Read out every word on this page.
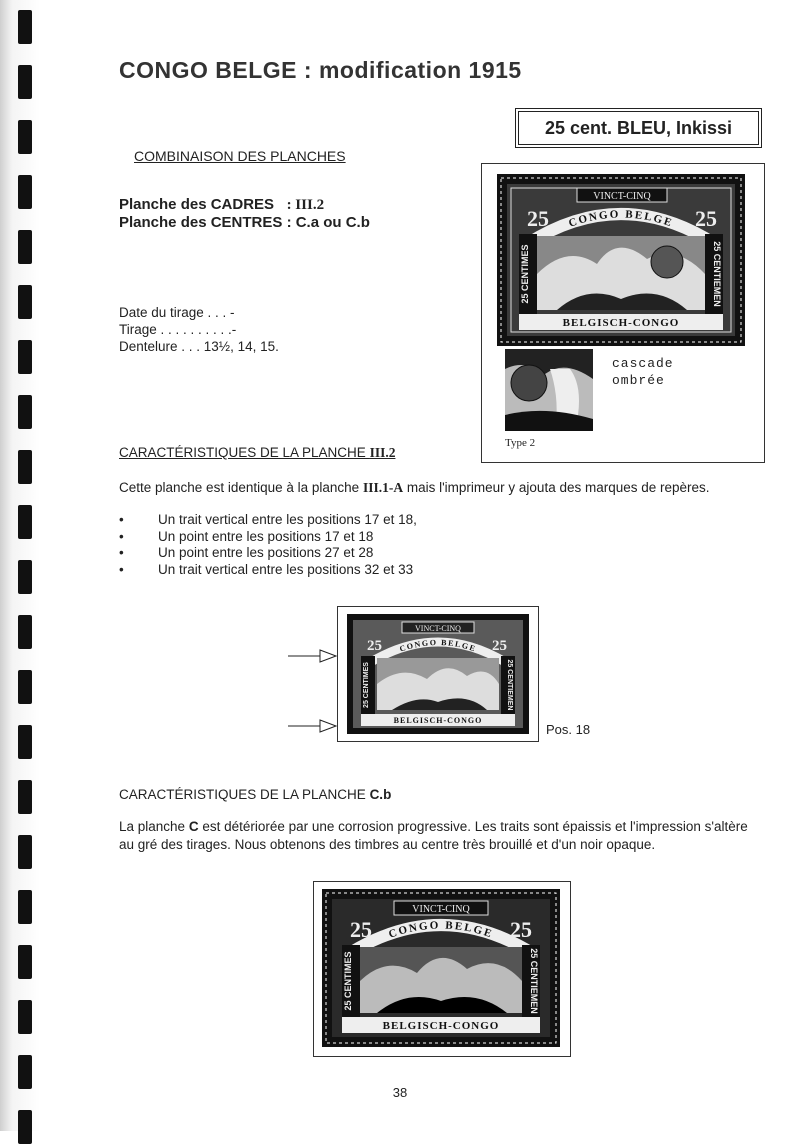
CONGO BELGE : modification 1915
25 cent. BLEU, Inkissi
COMBINAISON DES PLANCHES
Planche des CADRES : III.2
Planche des CENTRES : C.a ou C.b
Date du tirage . . . -
Tirage . . . . . . . . . .-
Dentelure . . . 13½, 14, 15.
VINCT-CINQ
CONGO BELGE
25 CENTIMES	25 CENTIEMEN
25	25
BELGISCH-CONGO
cascade
ombrée
Type 2
CARACTÉRISTIQUES DE LA PLANCHE III.2
Cette planche est identique à la planche III.1-A mais l'imprimeur y ajouta des marques de repères.
• Un trait vertical entre les positions 17 et 18,
• Un point entre les positions 17 et 18
• Un point entre les positions 27 et 28
• Un trait vertical entre les positions 32 et 33
VINCT-CINQ
CONGO BELGE
25 CENTIMES	25 CENTIEMEN
25	25
BELGISCH-CONGO
Pos. 18
CARACTÉRISTIQUES DE LA PLANCHE C.b
La planche C est détériorée par une corrosion progressive. Les traits sont épaissis et l'impression s'altère au gré des tirages. Nous obtenons des timbres au centre très brouillé et d'un noir opaque.
VINCT-CINQ
CONGO BELGE
25 CENTIMES	25 CENTIEMEN
25	25
BELGISCH-CONGO
38
